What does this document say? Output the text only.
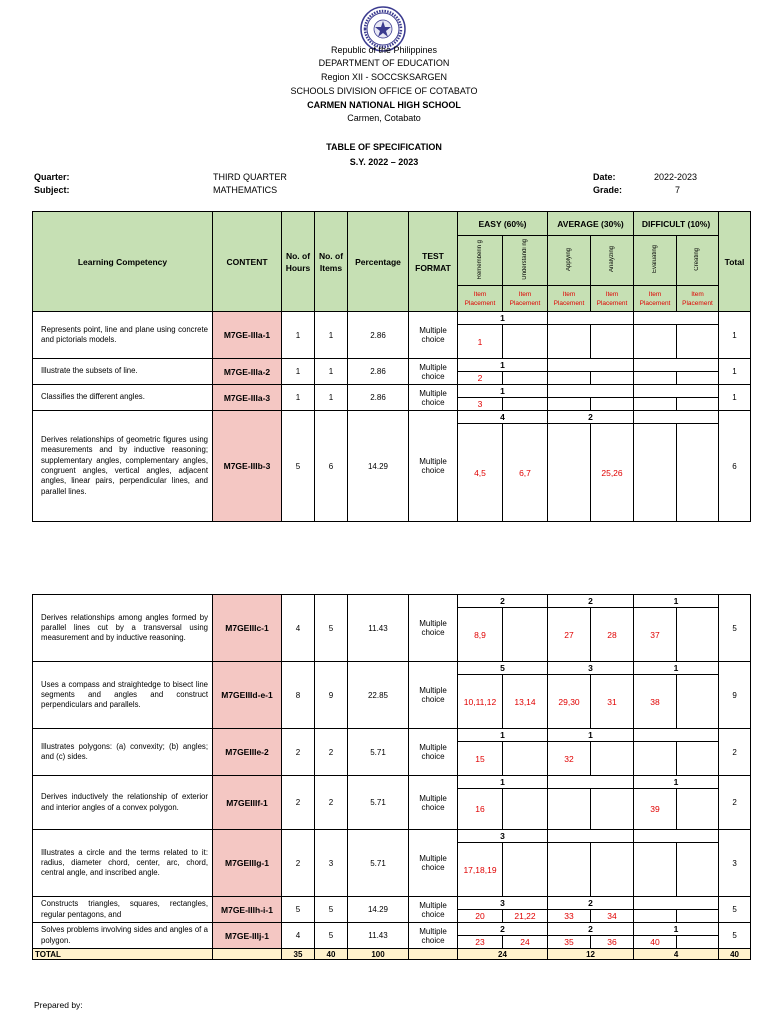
Republic of the Philippines
DEPARTMENT OF EDUCATION
Region XII - SOCCSKSARGEN
SCHOOLS DIVISION OFFICE OF COTABATO
CARMEN NATIONAL HIGH SCHOOL
Carmen, Cotabato
TABLE OF SPECIFICATION
S.Y. 2022 – 2023
Quarter:	THIRD QUARTER
Subject:	MATHEMATICS
Date:	2022-2023
Grade:	7
Learning Competency	CONTENT	No. of Hours	No. of Items	Percentage	TEST FORMAT	EASY (60%)		AVERAGE (30%)		DIFFICULT (10%)		Total
						Rememberin g	Understandi ng	Applying	Analyzing	Evaluating	Creating	
						Item Placement	Item Placement	Item Placement	Item Placement	Item Placement	Item Placement	
Represents point, line and plane using concrete and pictorials models.	M7GE-IIIa-1	1	1	2.86	Multiple choice	1						1
						1						
Illustrate the subsets of line.	M7GE-IIIa-2	1	1	2.86	Multiple choice	1						1
						2						
Classifies the different angles.	M7GE-IIIa-3	1	1	2.86	Multiple choice	1						1
						3						
Derives relationships of geometric figures using measurements and by inductive reasoning; supplementary angles, complementary angles, congruent angles, vertical angles, adjacent angles, linear pairs, perpendicular lines, and parallel lines.	M7GE-IIIb-3	5	6	14.29	Multiple choice	4		2				6
						4,5	6,7		25,26			
Derives relationships among angles formed by parallel lines cut by a transversal using measurement and by inductive reasoning.	M7GEIIIc-1	4	5	11.43	Multiple choice	2		2		1		5
						8,9		27	28	37		
Uses a compass and straightedge to bisect line segments and angles and construct perpendiculars and parallels.	M7GEIIId-e-1	8	9	22.85	Multiple choice	5		3		1		9
						10,11,12	13,14	29,30	31	38		
Illustrates polygons: (a) convexity; (b) angles; and (c) sides.	M7GEIIIe-2	2	2	5.71	Multiple choice	1		1				2
						15		32				
Derives inductively the relationship of exterior and interior angles of a convex polygon.	M7GEIIIf-1	2	2	5.71	Multiple choice	1				1		2
						16				39		
Illustrates a circle and the terms related to it: radius, diameter chord, center, arc, chord, central angle, and inscribed angle.	M7GEIIIg-1	2	3	5.71	Multiple choice	3						3
						17,18,19						
Constructs triangles, squares, rectangles, regular pentagons, and	M7GE-IIIh-i-1	5	5	14.29	Multiple choice	3		2				5
						20	21,22	33	34			
Solves problems involving sides and angles of a polygon.	M7GE-IIIj-1	4	5	11.43	Multiple choice	2		2		1		5
						23	24	35	36	40		
TOTAL		35	40	100		24		12		4		40
Prepared by:
